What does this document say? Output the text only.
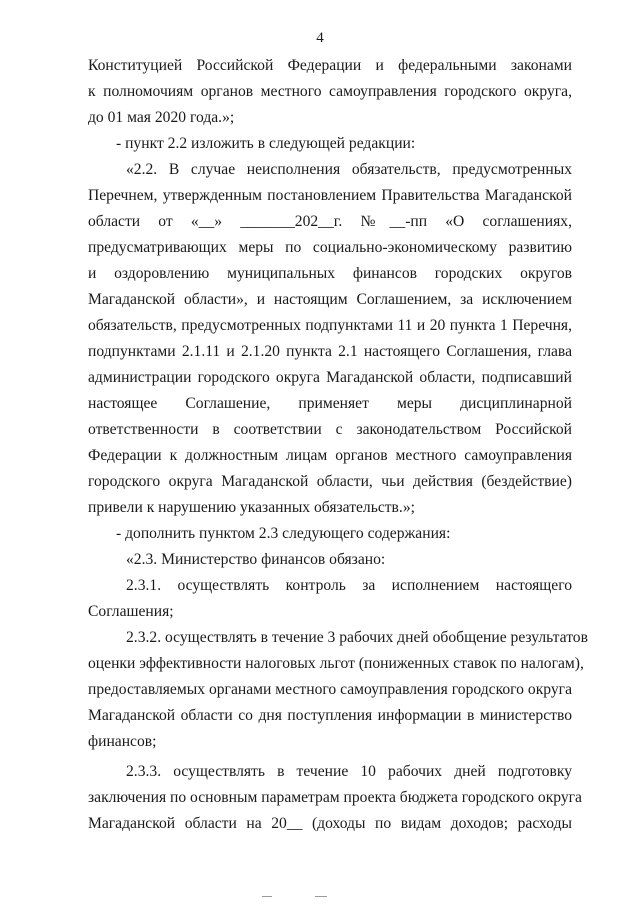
4
Конституцией Российской Федерации и федеральными законами
к полномочиям органов местного самоуправления городского округа,
до 01 мая 2020 года.»;
- пункт 2.2 изложить в следующей редакции:
«2.2. В случае неисполнения обязательств, предусмотренных
Перечнем, утвержденным постановлением Правительства Магаданской
области от «__» _______202__г. №__-пп «О соглашениях,
предусматривающих меры по социально-экономическому развитию
и оздоровлению муниципальных финансов городских округов
Магаданской области», и настоящим Соглашением, за исключением
обязательств, предусмотренных подпунктами 11 и 20 пункта 1 Перечня,
подпунктами 2.1.11 и 2.1.20 пункта 2.1 настоящего Соглашения, глава
администрации городского округа Магаданской области, подписавший
настоящее Соглашение, применяет меры дисциплинарной
ответственности в соответствии с законодательством Российской
Федерации к должностным лицам органов местного самоуправления
городского округа Магаданской области, чьи действия (бездействие)
привели к нарушению указанных обязательств.»;
- дополнить пунктом 2.3 следующего содержания:
«2.3. Министерство финансов обязано:
2.3.1. осуществлять контроль за исполнением настоящего
Соглашения;
2.3.2. осуществлять в течение 3 рабочих дней обобщение результатов
оценки эффективности налоговых льгот (пониженных ставок по налогам),
предоставляемых органами местного самоуправления городского округа
Магаданской области со дня поступления информации в министерство
финансов;
2.3.3. осуществлять в течение 10 рабочих дней подготовку
заключения по основным параметрам проекта бюджета городского округа
Магаданской области на 20__ (доходы по видам доходов; расходы
